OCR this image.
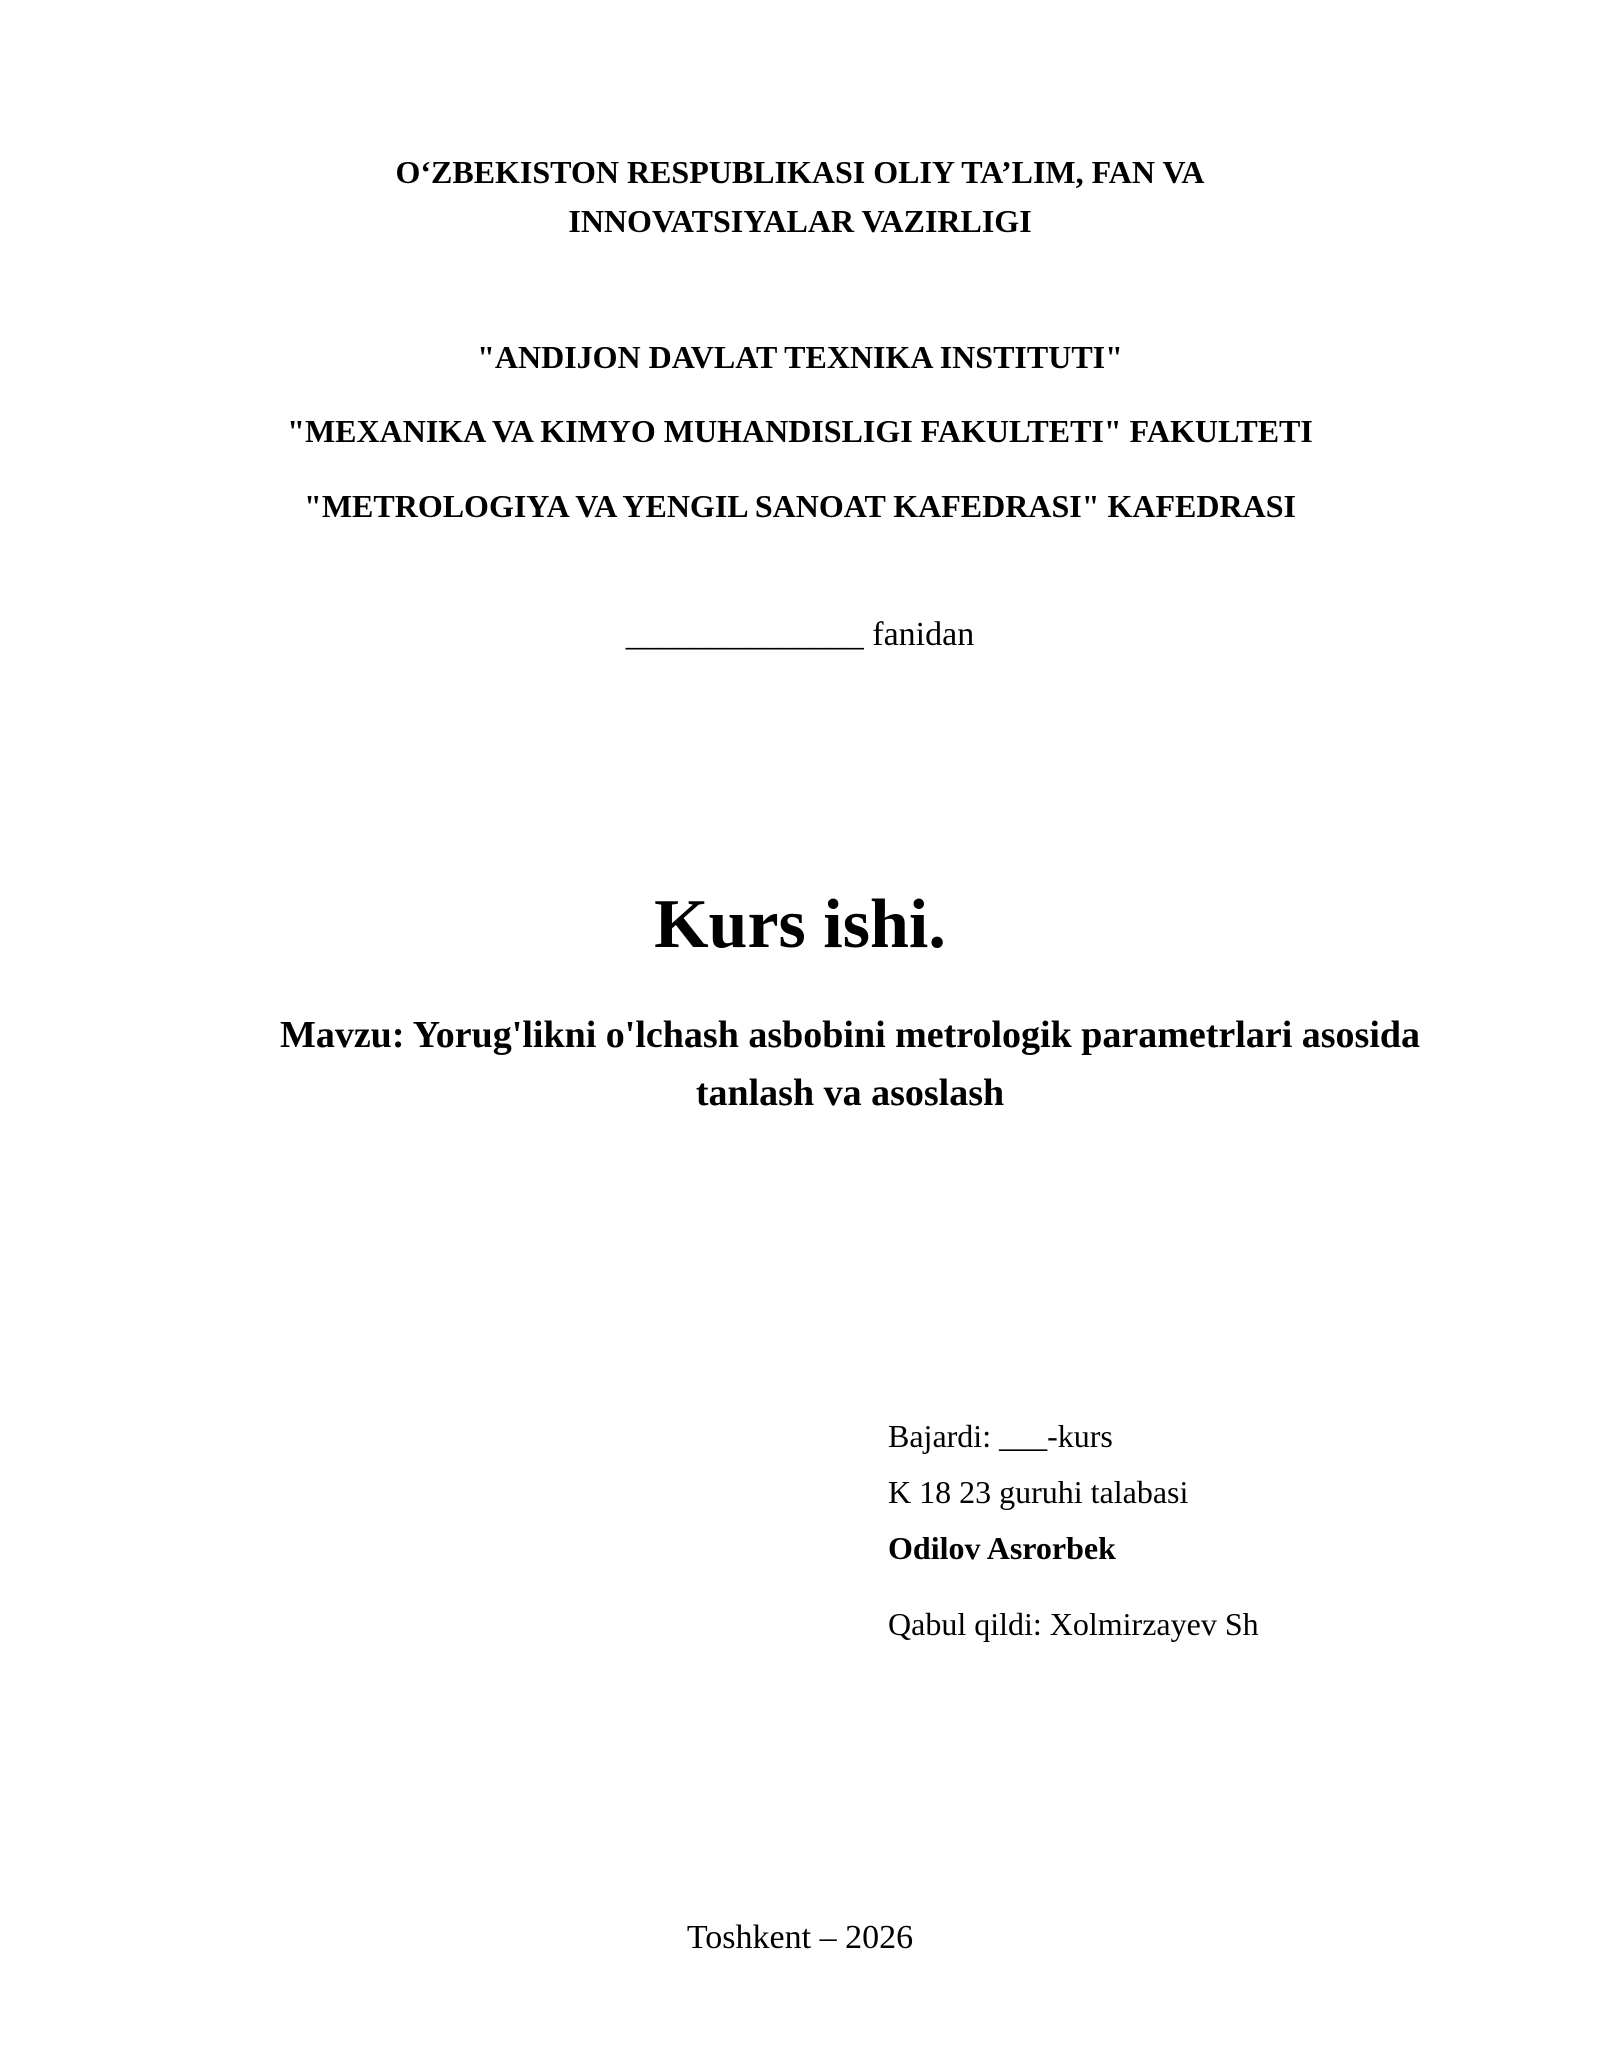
O‘ZBEKISTON RESPUBLIKASI OLIY TA’LIM, FAN VA
INNOVATSIYALAR VAZIRLIGI
"ANDIJON DAVLAT TEXNIKA INSTITUTI"
"MEXANIKA VA KIMYO MUHANDISLIGI FAKULTETI" FAKULTETI
"METROLOGIYA VA YENGIL SANOAT KAFEDRASI" KAFEDRASI
______________ fanidan
Kurs ishi.
Mavzu: Yorug'likni o'lchash asbobini metrologik parametrlari asosida
tanlash va asoslash
Bajardi: ___-kurs
K 18 23 guruhi talabasi
Odilov Asrorbek
Qabul qildi: Xolmirzayev Sh
Toshkent – 2026
